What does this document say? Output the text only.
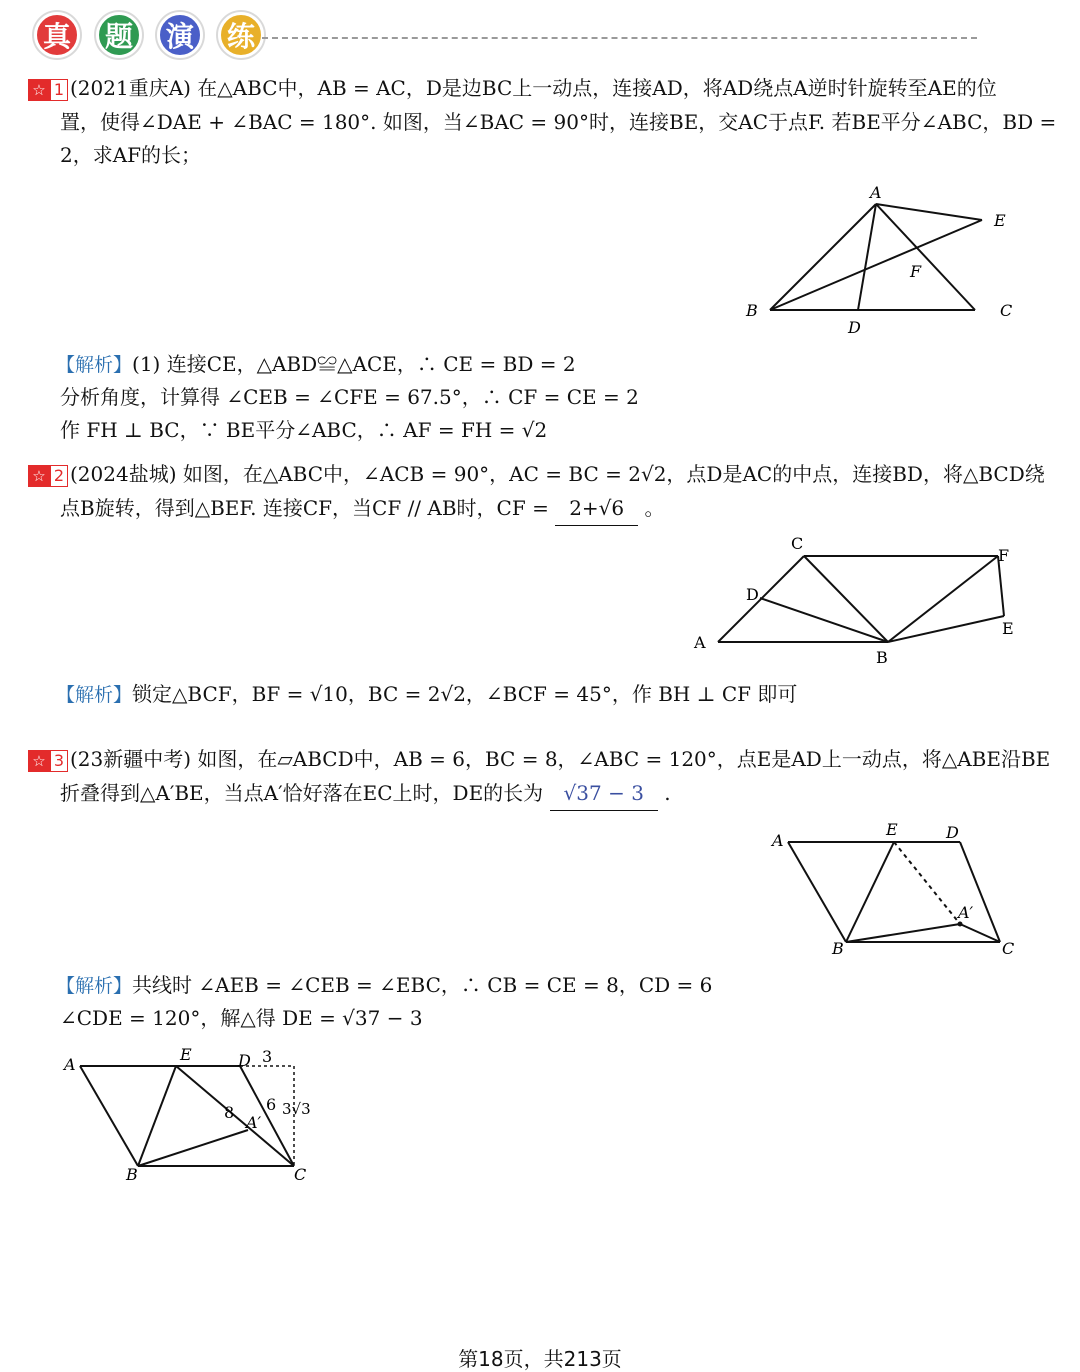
真	题	演	练
☆ 1 (2021重庆A) 在△ABC中，AB = AC，D是边BC上一动点，连接AD，将AD绕点A逆时针旋转至AE的位
置，使得∠DAE + ∠BAC = 180°. 如图，当∠BAC = 90°时，连接BE，交AC于点F. 若BE平分∠ABC，BD =
2，求AF的长；
A
B	C
D
E
F
【解析】(1) 连接CE，△ABD≌△ACE，∴ CE = BD = 2
分析角度，计算得 ∠CEB = ∠CFE = 67.5°，∴ CF = CE = 2
作 FH ⊥ BC，∵ BE平分∠ABC，∴ AF = FH = √2
☆ 2 (2024盐城) 如图，在△ABC中，∠ACB = 90°，AC = BC = 2√2，点D是AC的中点，连接BD，将△BCD绕
点B旋转，得到△BEF. 连接CF，当CF // AB时，CF = 2+√6 。
A
B
C
D
E
F
【解析】锁定△BCF，BF = √10，BC = 2√2，∠BCF = 45°，作 BH ⊥ CF 即可
☆ 3 (23新疆中考) 如图，在▱ABCD中，AB = 6，BC = 8，∠ABC = 120°，点E是AD上一动点，将△ABE沿BE
折叠得到△A′BE，当点A′恰好落在EC上时，DE的长为 √37 − 3 .
A
B	C
D
E
A′
【解析】共线时 ∠AEB = ∠CEB = ∠EBC，∴ CB = CE = 8，CD = 6
∠CDE = 120°，解△得 DE = √37 − 3
A
B	C
D
E
A′
3
6
8	3√3
第18页，共213页
